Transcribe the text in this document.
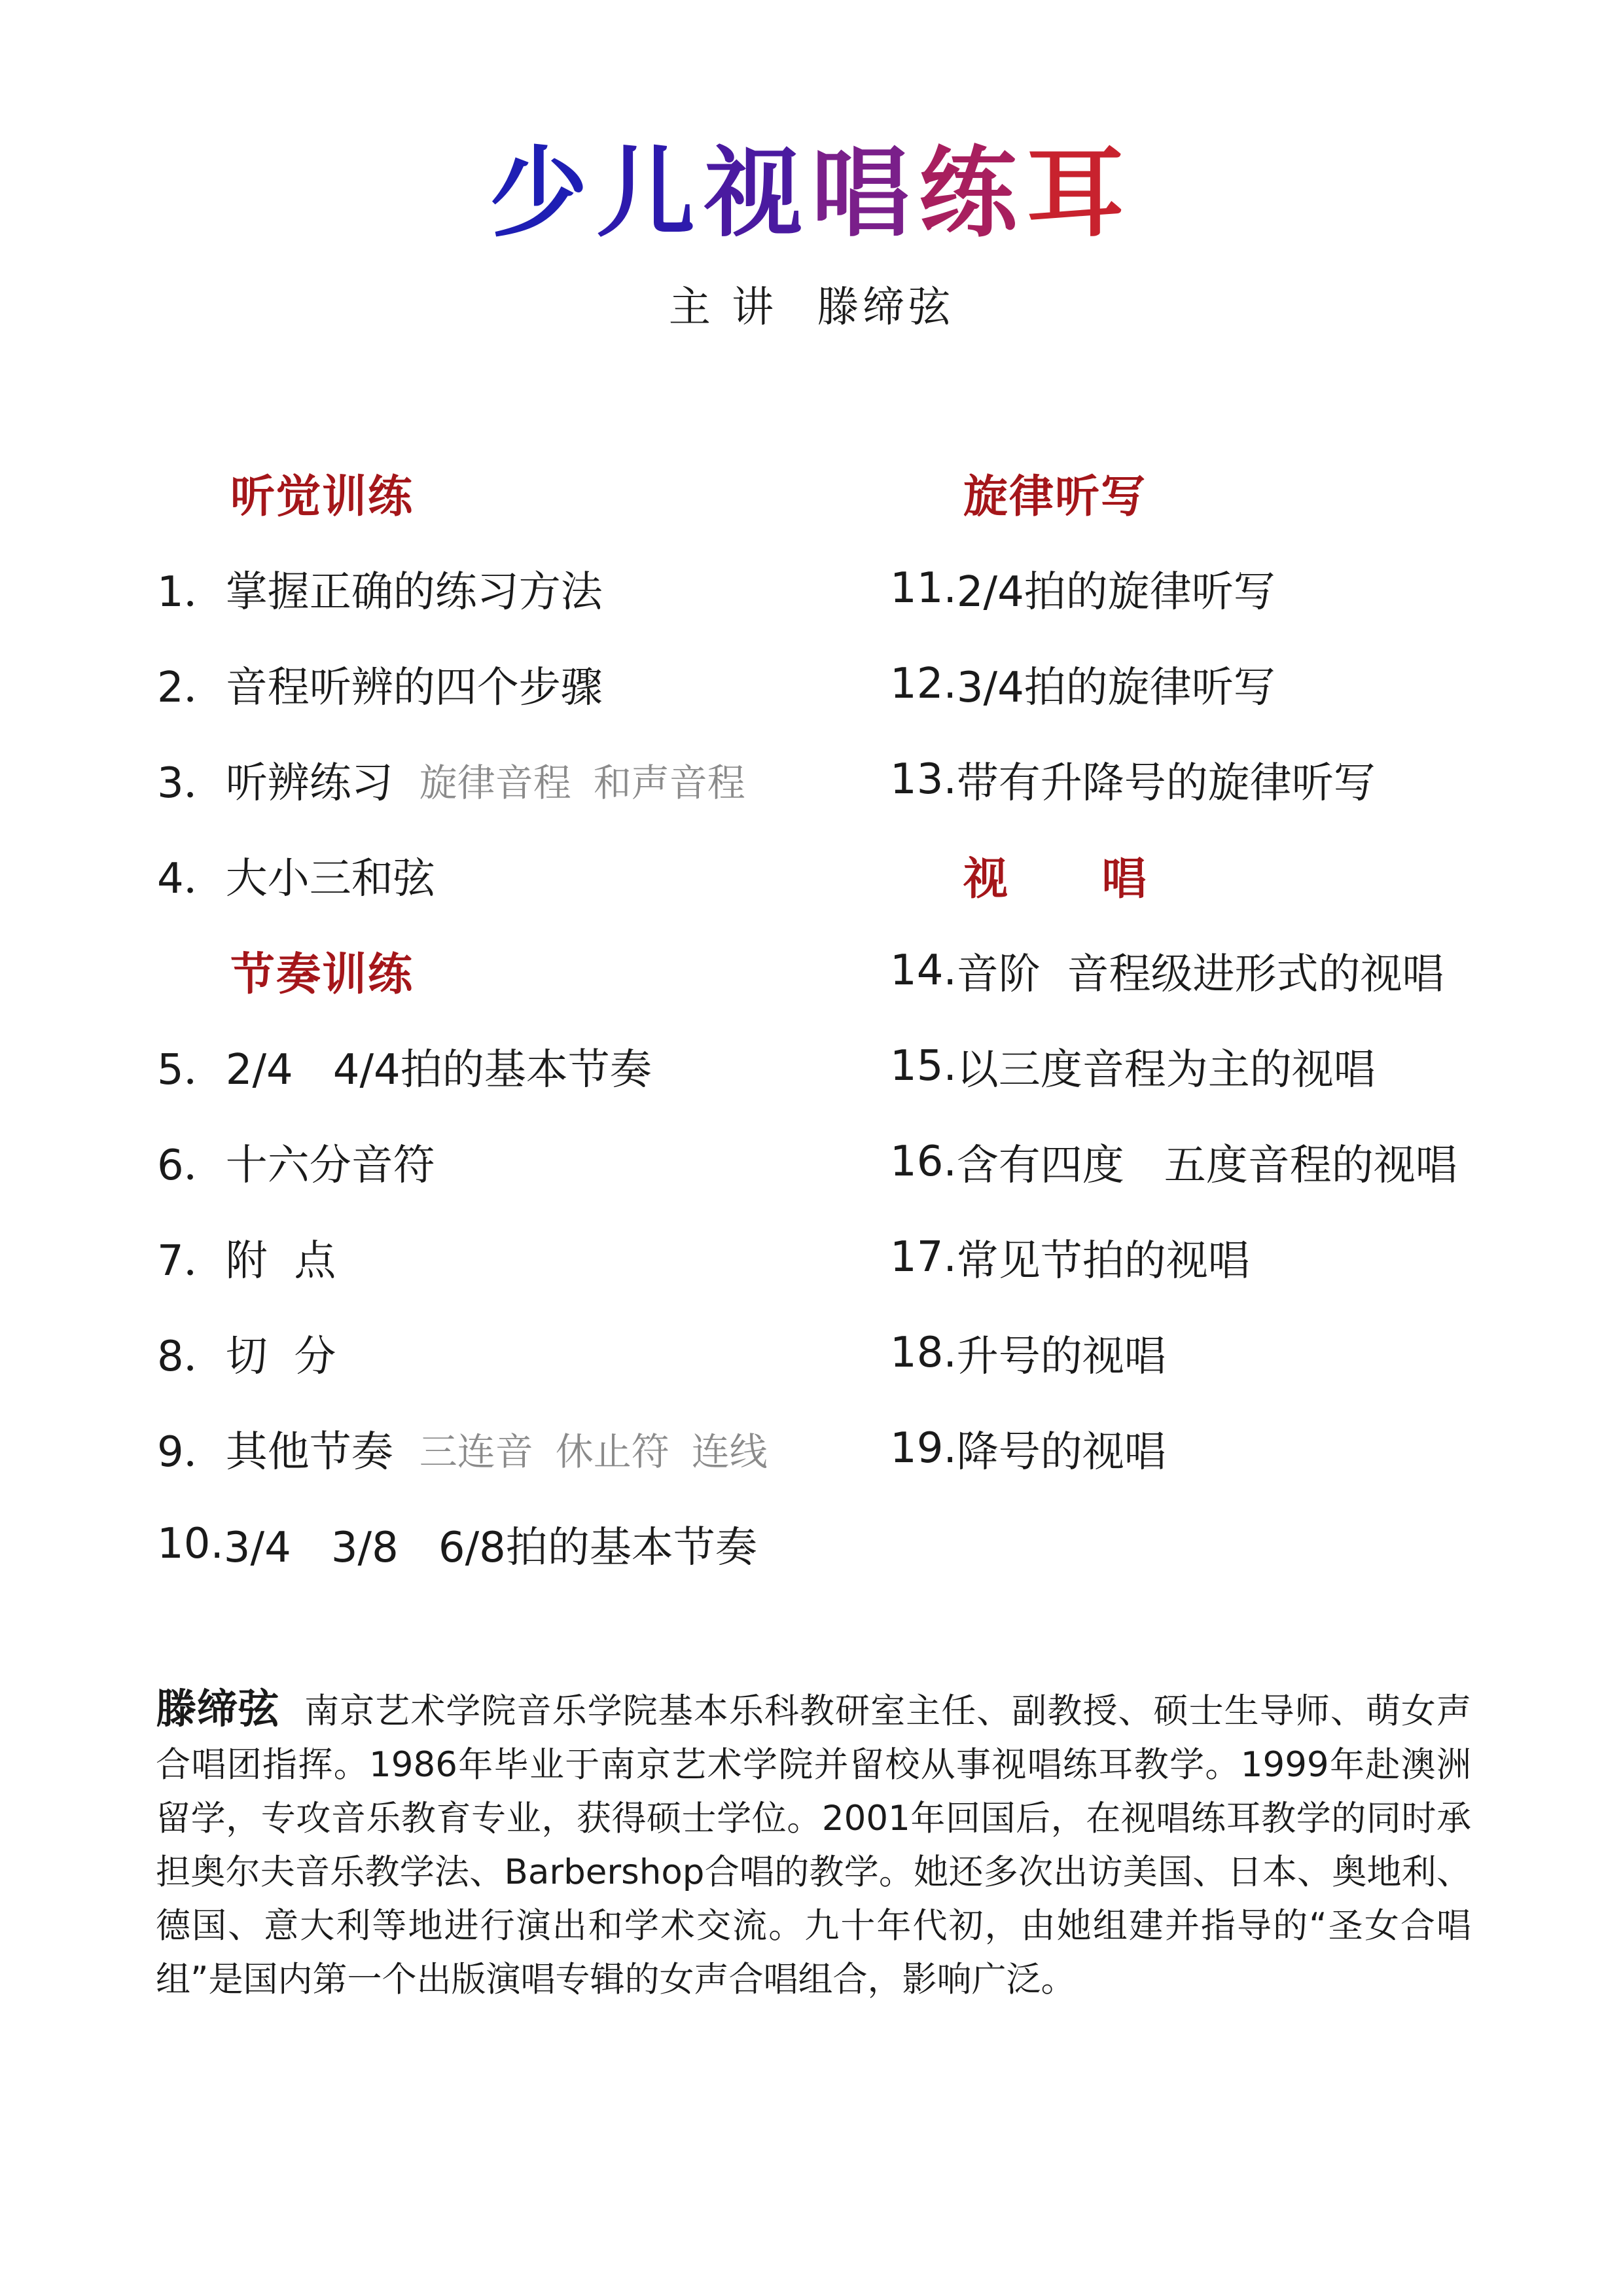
少儿视唱练耳
主 讲 滕缔弦
听觉训练
1． 掌握正确的练习方法
2． 音程听辨的四个步骤
3． 听辨练习 旋律音程 和声音程
4． 大小三和弦
节奏训练
5． 2/4   4/4拍的基本节奏
6． 十六分音符
7． 附  点
8． 切  分
9． 其他节奏 三连音 休止符 连线
10. 3/4   3/8   6/8拍的基本节奏
旋律听写
11. 2/4拍的旋律听写
12. 3/4拍的旋律听写
13. 带有升降号的旋律听写
视 唱
14. 音阶  音程级进形式的视唱
15. 以三度音程为主的视唱
16. 含有四度   五度音程的视唱
17. 常见节拍的视唱
18. 升号的视唱
19. 降号的视唱

滕缔弦 南京艺术学院音乐学院基本乐科教研室主任、副教授、硕士生导师、萌女声合唱团指挥。1986年毕业于南京艺术学院并留校从事视唱练耳教学。1999年赴澳洲留学，专攻音乐教育专业，获得硕士学位。2001年回国后，在视唱练耳教学的同时承担奥尔夫音乐教学法、Barbershop合唱的教学。她还多次出访美国、日本、奥地利、德国、意大利等地进行演出和学术交流。九十年代初，由她组建并指导的“圣女合唱组”是国内第一个出版演唱专辑的女声合唱组合，影响广泛。
